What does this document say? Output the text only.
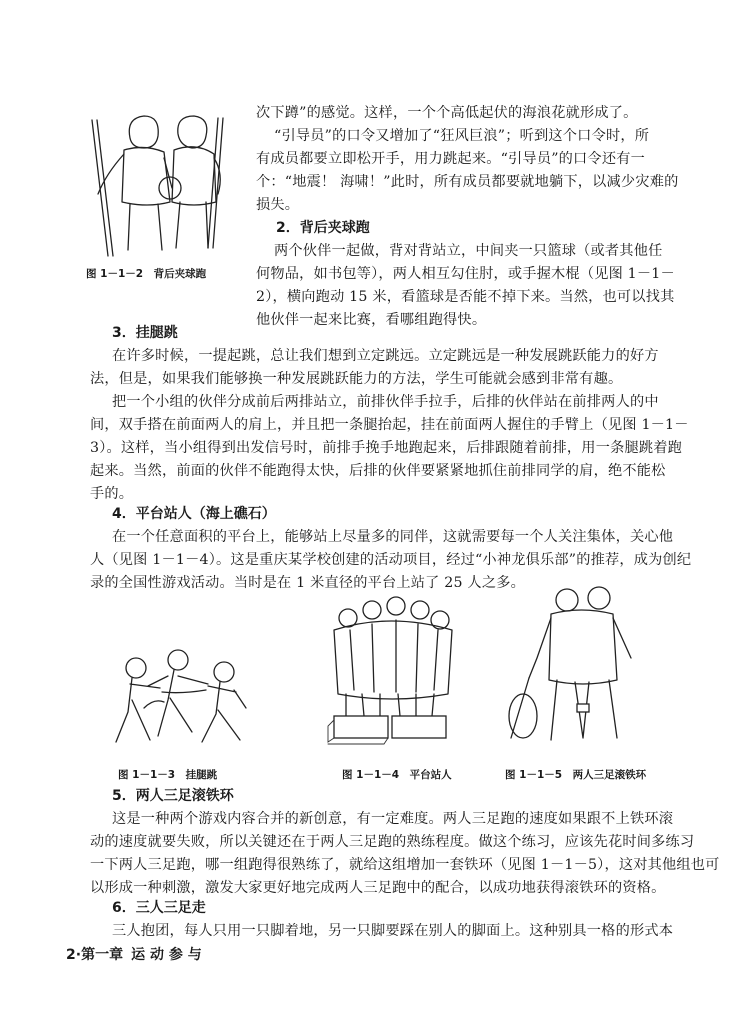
图 1－1－2　背后夹球跑
次下蹲”的感觉。这样，一个个高低起伏的海浪花就形成了。
“引导员”的口令又增加了“狂风巨浪”；听到这个口令时，所
有成员都要立即松开手，用力跳起来。“引导员”的口令还有一
个：“地震！ 海啸！”此时，所有成员都要就地躺下，以减少灾难的
损失。
2．背后夹球跑
两个伙伴一起做，背对背站立，中间夹一只篮球（或者其他任
何物品，如书包等），两人相互勾住肘，或手握木棍（见图 1－1－
2），横向跑动 15 米，看篮球是否能不掉下来。当然，也可以找其
他伙伴一起来比赛，看哪组跑得快。
3．挂腿跳
在许多时候，一提起跳，总让我们想到立定跳远。立定跳远是一种发展跳跃能力的好方
法，但是，如果我们能够换一种发展跳跃能力的方法，学生可能就会感到非常有趣。
把一个小组的伙伴分成前后两排站立，前排伙伴手拉手，后排的伙伴站在前排两人的中
间，双手搭在前面两人的肩上，并且把一条腿抬起，挂在前面两人握住的手臂上（见图 1－1－
3）。这样，当小组得到出发信号时，前排手挽手地跑起来，后排跟随着前排，用一条腿跳着跑
起来。当然，前面的伙伴不能跑得太快，后排的伙伴要紧紧地抓住前排同学的肩，绝不能松
手的。
4．平台站人（海上礁石）
在一个任意面积的平台上，能够站上尽量多的同伴，这就需要每一个人关注集体，关心他
人（见图 1－1－4）。这是重庆某学校创建的活动项目，经过“小神龙俱乐部”的推荐，成为创纪
录的全国性游戏活动。当时是在 1 米直径的平台上站了 25 人之多。
图 1－1－3　挂腿跳	图 1－1－4　平台站人	图 1－1－5　两人三足滚铁环
5．两人三足滚铁环
这是一种两个游戏内容合并的新创意，有一定难度。两人三足跑的速度如果跟不上铁环滚
动的速度就要失败，所以关键还在于两人三足跑的熟练程度。做这个练习，应该先花时间多练习
一下两人三足跑，哪一组跑得很熟练了，就给这组增加一套铁环（见图 1－1－5），这对其他组也可
以形成一种刺激，激发大家更好地完成两人三足跑中的配合，以成功地获得滚铁环的资格。
6．三人三足走
三人抱团，每人只用一只脚着地，另一只脚要踩在别人的脚面上。这种别具一格的形式本
2·第一章 运 动 参 与
